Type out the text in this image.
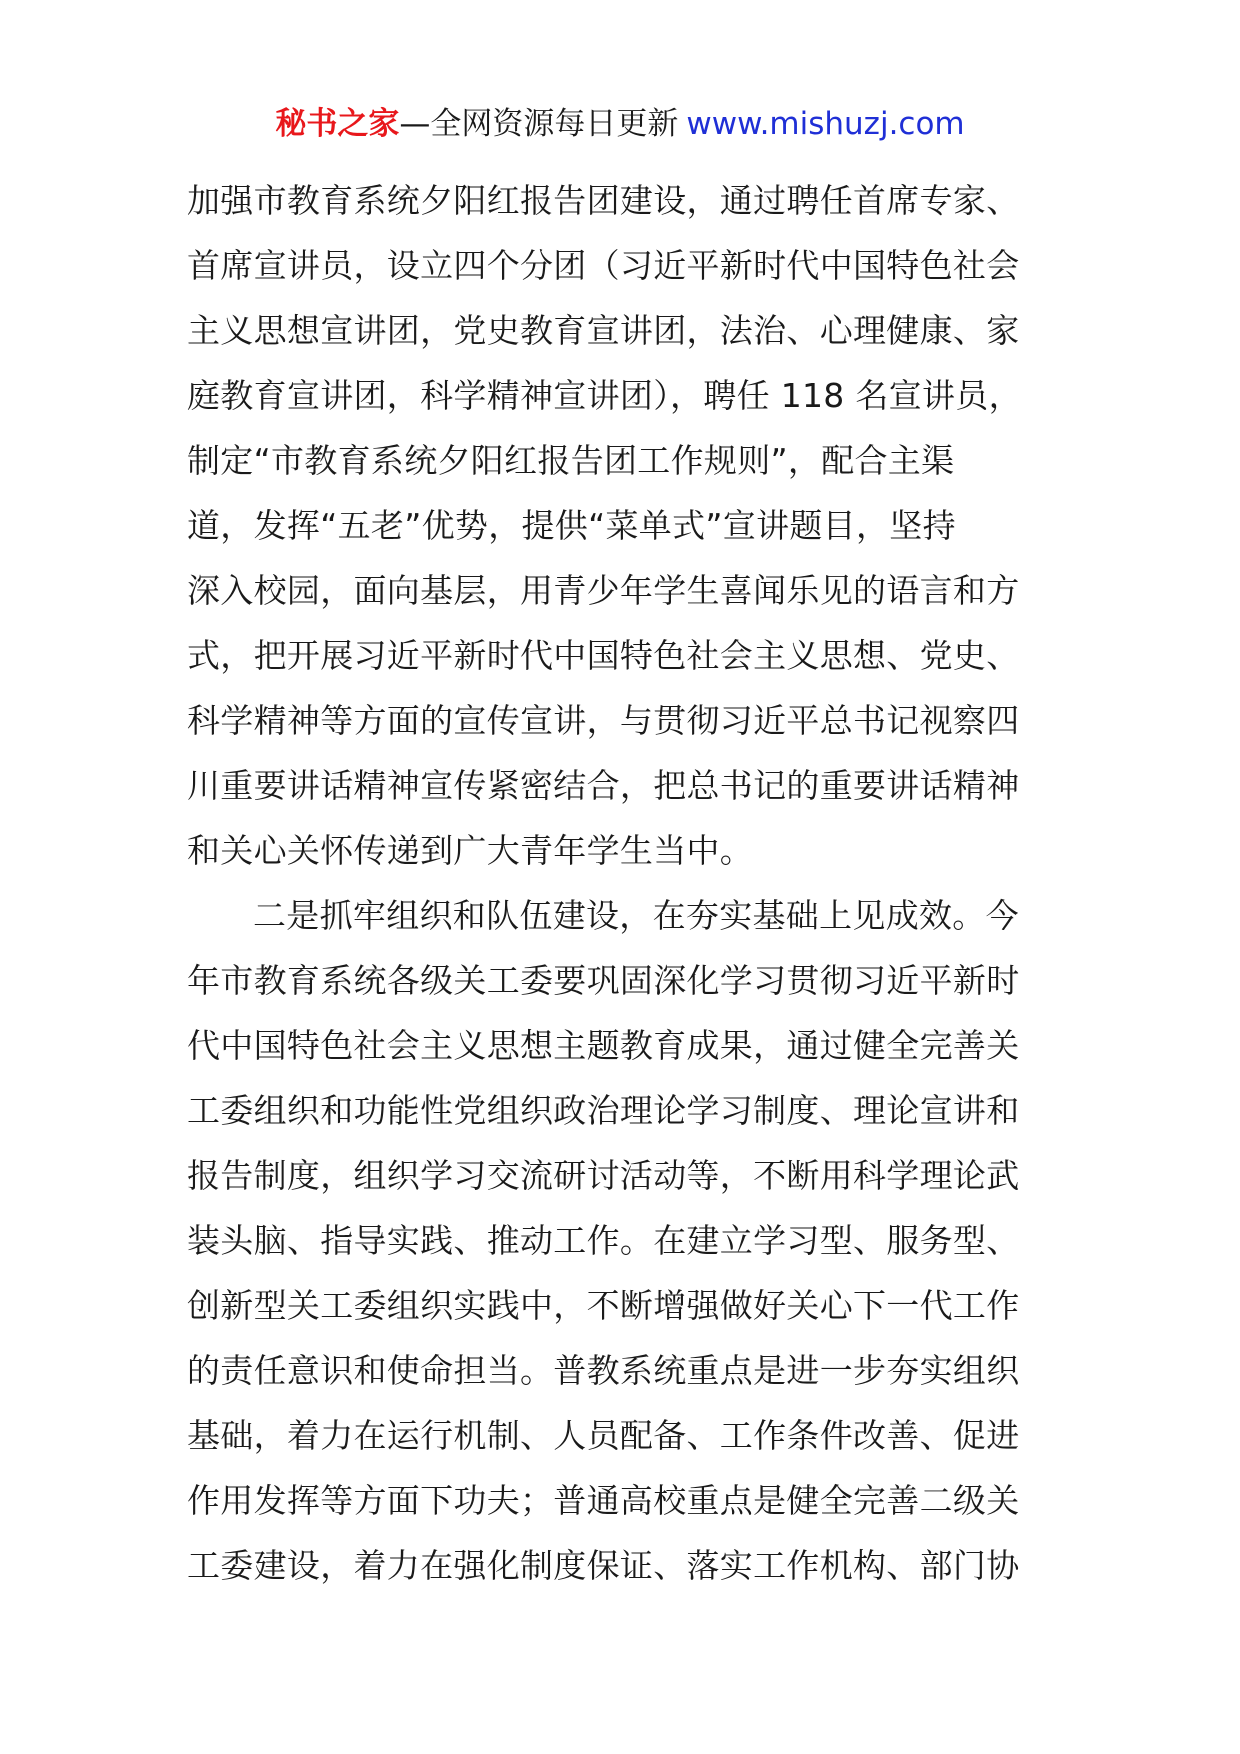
秘书之家—全网资源每日更新 www.mishuzj.com
加强市教育系统夕阳红报告团建设，通过聘任首席专家、
首席宣讲员，设立四个分团（习近平新时代中国特色社会
主义思想宣讲团，党史教育宣讲团，法治、心理健康、家
庭教育宣讲团，科学精神宣讲团），聘任 118 名宣讲员，
制定“市教育系统夕阳红报告团工作规则”，配合主渠
道，发挥“五老”优势，提供“菜单式”宣讲题目，坚持
深入校园，面向基层，用青少年学生喜闻乐见的语言和方
式，把开展习近平新时代中国特色社会主义思想、党史、
科学精神等方面的宣传宣讲，与贯彻习近平总书记视察四
川重要讲话精神宣传紧密结合，把总书记的重要讲话精神
和关心关怀传递到广大青年学生当中。
二是抓牢组织和队伍建设，在夯实基础上见成效。今
年市教育系统各级关工委要巩固深化学习贯彻习近平新时
代中国特色社会主义思想主题教育成果，通过健全完善关
工委组织和功能性党组织政治理论学习制度、理论宣讲和
报告制度，组织学习交流研讨活动等，不断用科学理论武
装头脑、指导实践、推动工作。在建立学习型、服务型、
创新型关工委组织实践中，不断增强做好关心下一代工作
的责任意识和使命担当。普教系统重点是进一步夯实组织
基础，着力在运行机制、人员配备、工作条件改善、促进
作用发挥等方面下功夫；普通高校重点是健全完善二级关
工委建设，着力在强化制度保证、落实工作机构、部门协
